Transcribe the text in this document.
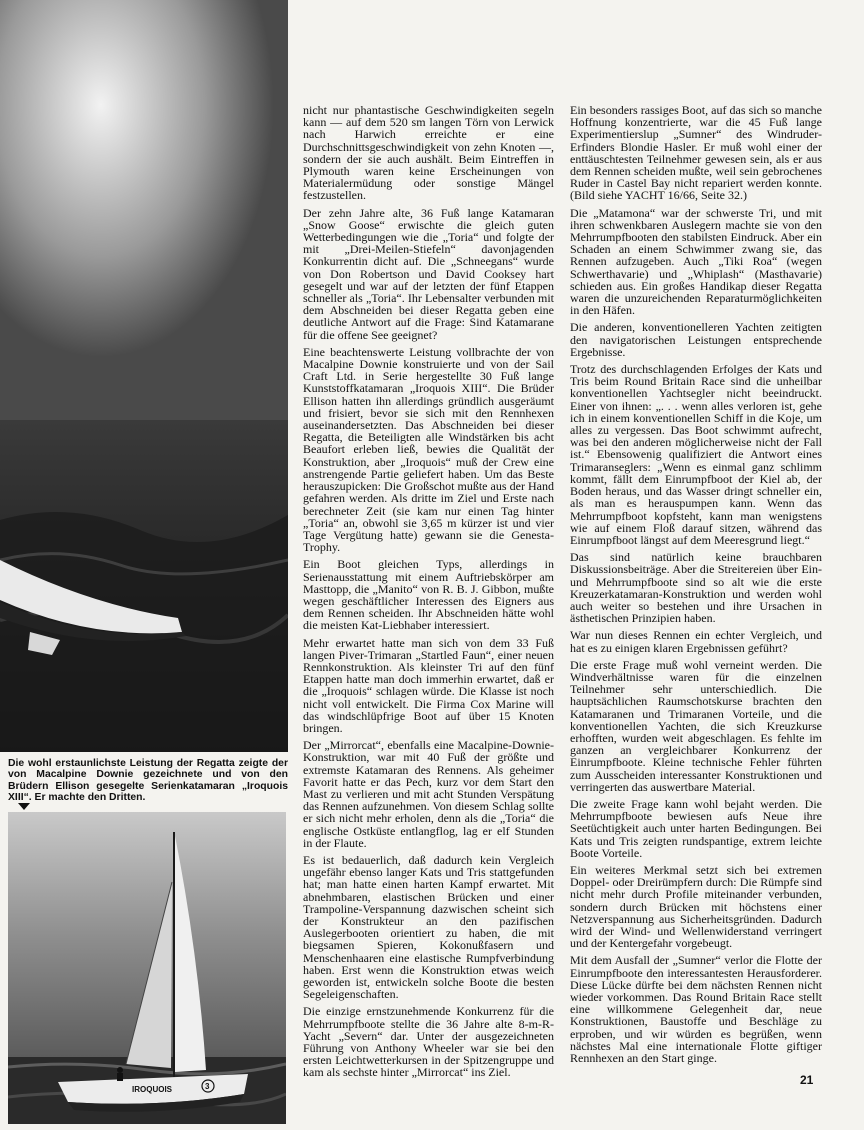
Die wohl erstaunlichste Leistung der Regatta zeigte der von Macalpine Downie gezeichnete und von den Brüdern Ellison gesegelte Serienkatamaran „Iroquois XIII“. Er machte den Dritten.
IROQUOIS	3

nicht nur phantastische Geschwindigkeiten segeln kann — auf dem 520 sm langen Törn von Lerwick nach Harwich erreichte er eine Durchschnittsgeschwindigkeit von zehn Knoten —, sondern der sie auch aushält. Beim Eintreffen in Plymouth waren keine Erscheinungen von Materialermüdung oder sonstige Mängel festzustellen.

Der zehn Jahre alte, 36 Fuß lange Katamaran „Snow Goose“ erwischte die gleich guten Wetterbedingungen wie die „Toria“ und folgte der mit „Drei-Meilen-Stiefeln“ davonjagenden Konkurrentin dicht auf. Die „Schneegans“ wurde von Don Robertson und David Cooksey hart gesegelt und war auf der letzten der fünf Etappen schneller als „Toria“. Ihr Lebensalter verbunden mit dem Abschneiden bei dieser Regatta geben eine deutliche Antwort auf die Frage: Sind Katamarane für die offene See geeignet?

Eine beachtenswerte Leistung vollbrachte der von Macalpine Downie konstruierte und von der Sail Craft Ltd. in Serie hergestellte 30 Fuß lange Kunststoffkatamaran „Iroquois XIII“. Die Brüder Ellison hatten ihn allerdings gründlich ausgeräumt und frisiert, bevor sie sich mit den Rennhexen auseinandersetzten. Das Abschneiden bei dieser Regatta, die Beteiligten alle Windstärken bis acht Beaufort erleben ließ, bewies die Qualität der Konstruktion, aber „Iroquois“ muß der Crew eine anstrengende Partie geliefert haben. Um das Beste herauszupicken: Die Großschot mußte aus der Hand gefahren werden. Als dritte im Ziel und Erste nach berechneter Zeit (sie kam nur einen Tag hinter „Toria“ an, obwohl sie 3,65 m kürzer ist und vier Tage Vergütung hatte) gewann sie die Genesta-Trophy.

Ein Boot gleichen Typs, allerdings in Serienausstattung mit einem Auftriebskörper am Masttopp, die „Manito“ von R. B. J. Gibbon, mußte wegen geschäftlicher Interessen des Eigners aus dem Rennen scheiden. Ihr Abschneiden hätte wohl die meisten Kat-Liebhaber interessiert.

Mehr erwartet hatte man sich von dem 33 Fuß langen Piver-Trimaran „Startled Faun“, einer neuen Rennkonstruktion. Als kleinster Tri auf den fünf Etappen hatte man doch immerhin erwartet, daß er die „Iroquois“ schlagen würde. Die Klasse ist noch nicht voll entwickelt. Die Firma Cox Marine will das windschlüpfrige Boot auf über 15 Knoten bringen.

Der „Mirrorcat“, ebenfalls eine Macalpine-Downie-Konstruktion, war mit 40 Fuß der größte und extremste Katamaran des Rennens. Als geheimer Favorit hatte er das Pech, kurz vor dem Start den Mast zu verlieren und mit acht Stunden Verspätung das Rennen aufzunehmen. Von diesem Schlag sollte er sich nicht mehr erholen, denn als die „Toria“ die englische Ostküste entlangflog, lag er elf Stunden in der Flaute.

Es ist bedauerlich, daß dadurch kein Vergleich ungefähr ebenso langer Kats und Tris stattgefunden hat; man hatte einen harten Kampf erwartet. Mit abnehmbaren, elastischen Brücken und einer Trampoline-Verspannung dazwischen scheint sich der Konstrukteur an den pazifischen Auslegerbooten orientiert zu haben, die mit biegsamen Spieren, Kokonußfasern und Menschenhaaren eine elastische Rumpfverbindung haben. Erst wenn die Konstruktion etwas weich geworden ist, entwickeln solche Boote die besten Segeleigenschaften.

Die einzige ernstzunehmende Konkurrenz für die Mehrrumpfboote stellte die 36 Jahre alte 8-m-R-Yacht „Severn“ dar. Unter der ausgezeichneten Führung von Anthony Wheeler war sie bei den ersten Leichtwetterkursen in der Spitzengruppe und kam als sechste hinter „Mirrorcat“ ins Ziel.

Ein besonders rassiges Boot, auf das sich so manche Hoffnung konzentrierte, war die 45 Fuß lange Experimentierslup „Sumner“ des Windruder-Erfinders Blondie Hasler. Er muß wohl einer der enttäuschtesten Teilnehmer gewesen sein, als er aus dem Rennen scheiden mußte, weil sein gebrochenes Ruder in Castel Bay nicht repariert werden konnte. (Bild siehe YACHT 16/66, Seite 32.)

Die „Matamona“ war der schwerste Tri, und mit ihren schwenkbaren Auslegern machte sie von den Mehrrumpfbooten den stabilsten Eindruck. Aber ein Schaden an einem Schwimmer zwang sie, das Rennen aufzugeben. Auch „Tiki Roa“ (wegen Schwerthavarie) und „Whiplash“ (Masthavarie) schieden aus. Ein großes Handikap dieser Regatta waren die unzureichenden Reparaturmöglichkeiten in den Häfen.

Die anderen, konventionelleren Yachten zeitigten den navigatorischen Leistungen entsprechende Ergebnisse.

Trotz des durchschlagenden Erfolges der Kats und Tris beim Round Britain Race sind die unheilbar konventionellen Yachtsegler nicht beeindruckt. Einer von ihnen: „. . . wenn alles verloren ist, gehe ich in einem konventionellen Schiff in die Koje, um alles zu vergessen. Das Boot schwimmt aufrecht, was bei den anderen möglicherweise nicht der Fall ist.“ Ebensowenig qualifiziert die Antwort eines Trimaranseglers: „Wenn es einmal ganz schlimm kommt, fällt dem Einrumpfboot der Kiel ab, der Boden heraus, und das Wasser dringt schneller ein, als man es herauspumpen kann. Wenn das Mehrrumpfboot kopfsteht, kann man wenigstens wie auf einem Floß darauf sitzen, während das Einrumpfboot längst auf dem Meeresgrund liegt.“

Das sind natürlich keine brauchbaren Diskussionsbeiträge. Aber die Streitereien über Ein- und Mehrrumpfboote sind so alt wie die erste Kreuzerkatamaran-Konstruktion und werden wohl auch weiter so bestehen und ihre Ursachen in ästhetischen Prinzipien haben.

War nun dieses Rennen ein echter Vergleich, und hat es zu einigen klaren Ergebnissen geführt?

Die erste Frage muß wohl verneint werden. Die Windverhältnisse waren für die einzelnen Teilnehmer sehr unterschiedlich. Die hauptsächlichen Raumschotskurse brachten den Katamaranen und Trimaranen Vorteile, und die konventionellen Yachten, die sich Kreuzkurse erhofften, wurden weit abgeschlagen. Es fehlte im ganzen an vergleichbarer Konkurrenz der Einrumpfboote. Kleine technische Fehler führten zum Ausscheiden interessanter Konstruktionen und verringerten das auswertbare Material.

Die zweite Frage kann wohl bejaht werden. Die Mehrrumpfboote bewiesen aufs Neue ihre Seetüchtigkeit auch unter harten Bedingungen. Bei Kats und Tris zeigten rundspantige, extrem leichte Boote Vorteile.

Ein weiteres Merkmal setzt sich bei extremen Doppel- oder Dreirümpfern durch: Die Rümpfe sind nicht mehr durch Profile miteinander verbunden, sondern durch Brücken mit höchstens einer Netzverspannung aus Sicherheitsgründen. Dadurch wird der Wind- und Wellenwiderstand verringert und der Kentergefahr vorgebeugt.

Mit dem Ausfall der „Sumner“ verlor die Flotte der Einrumpfboote den interessantesten Herausforderer. Diese Lücke dürfte bei dem nächsten Rennen nicht wieder vorkommen. Das Round Britain Race stellt eine willkommene Gelegenheit dar, neue Konstruktionen, Baustoffe und Beschläge zu erproben, und wir würden es begrüßen, wenn nächstes Mal eine internationale Flotte giftiger Rennhexen an den Start ginge.

21
